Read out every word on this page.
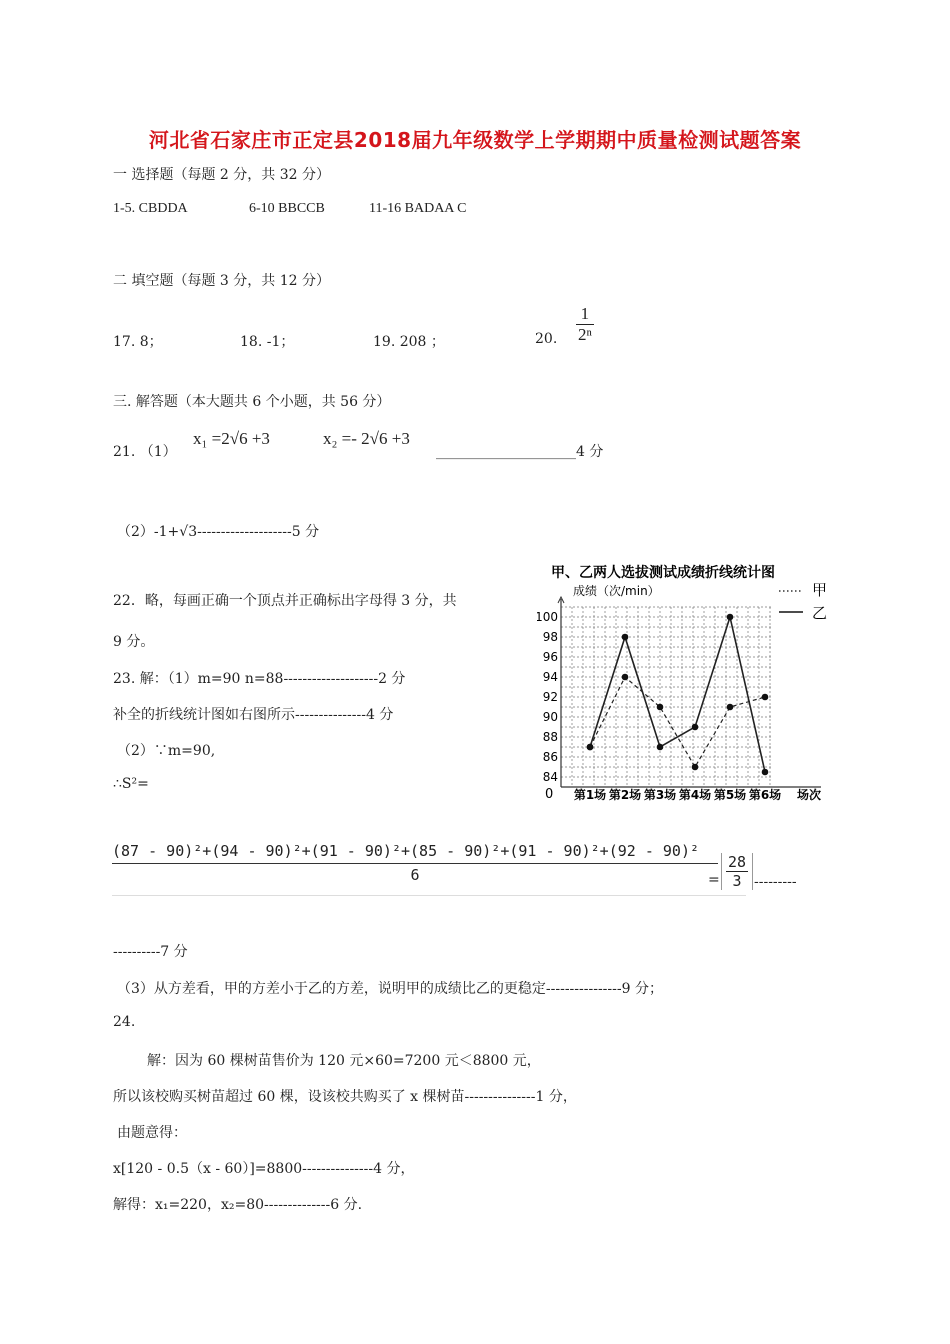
河北省石家庄市正定县2018届九年级数学上学期期中质量检测试题答案
一 选择题（每题 2 分，共 32 分）
1-5. CBDDA	6-10 BBCCB	11-16 BADAA C
二 填空题（每题 3 分，共 12 分）
17. 8；	18. -1；	19. 208 ；	20. $\frac{1}{\text{2ⁿ}}$
三. 解答题（本大题共 6 个小题，共 56 分）
21. （1）
x₁ =2√6 +3	x₂ =- 2√6 +3
____________________4 分
（2）-1+√3--------------------5 分
22．略，每画正确一个顶点并正确标出字母得 3 分，共
9 分。
23. 解：（1）m=90 n=88--------------------2 分
补全的折线统计图如右图所示---------------4 分
（2）∵m=90,
∴S²=
甲、乙两人选拔测试成绩折线统计图
成绩（次/min）	甲
乙
84
86
88
90
92
94
96
98
100
0 第1场 第2场 第3场 第4场 第5场 第6场 场次
(87 - 90)²+(94 - 90)²+(91 - 90)²+(85 - 90)²+(91 - 90)²+(92 - 90)²
6	= $\frac{28}{3}$ ---------
----------7 分
（3）从方差看，甲的方差小于乙的方差，说明甲的成绩比乙的更稳定----------------9 分；
24.
解：因为 60 棵树苗售价为 120 元×60=7200 元＜8800 元，
所以该校购买树苗超过 60 棵，设该校共购买了 x 棵树苗---------------1 分，
由题意得：
x[120 - 0.5（x - 60）]=8800---------------4 分，
解得：x₁=220，x₂=80--------------6 分.
